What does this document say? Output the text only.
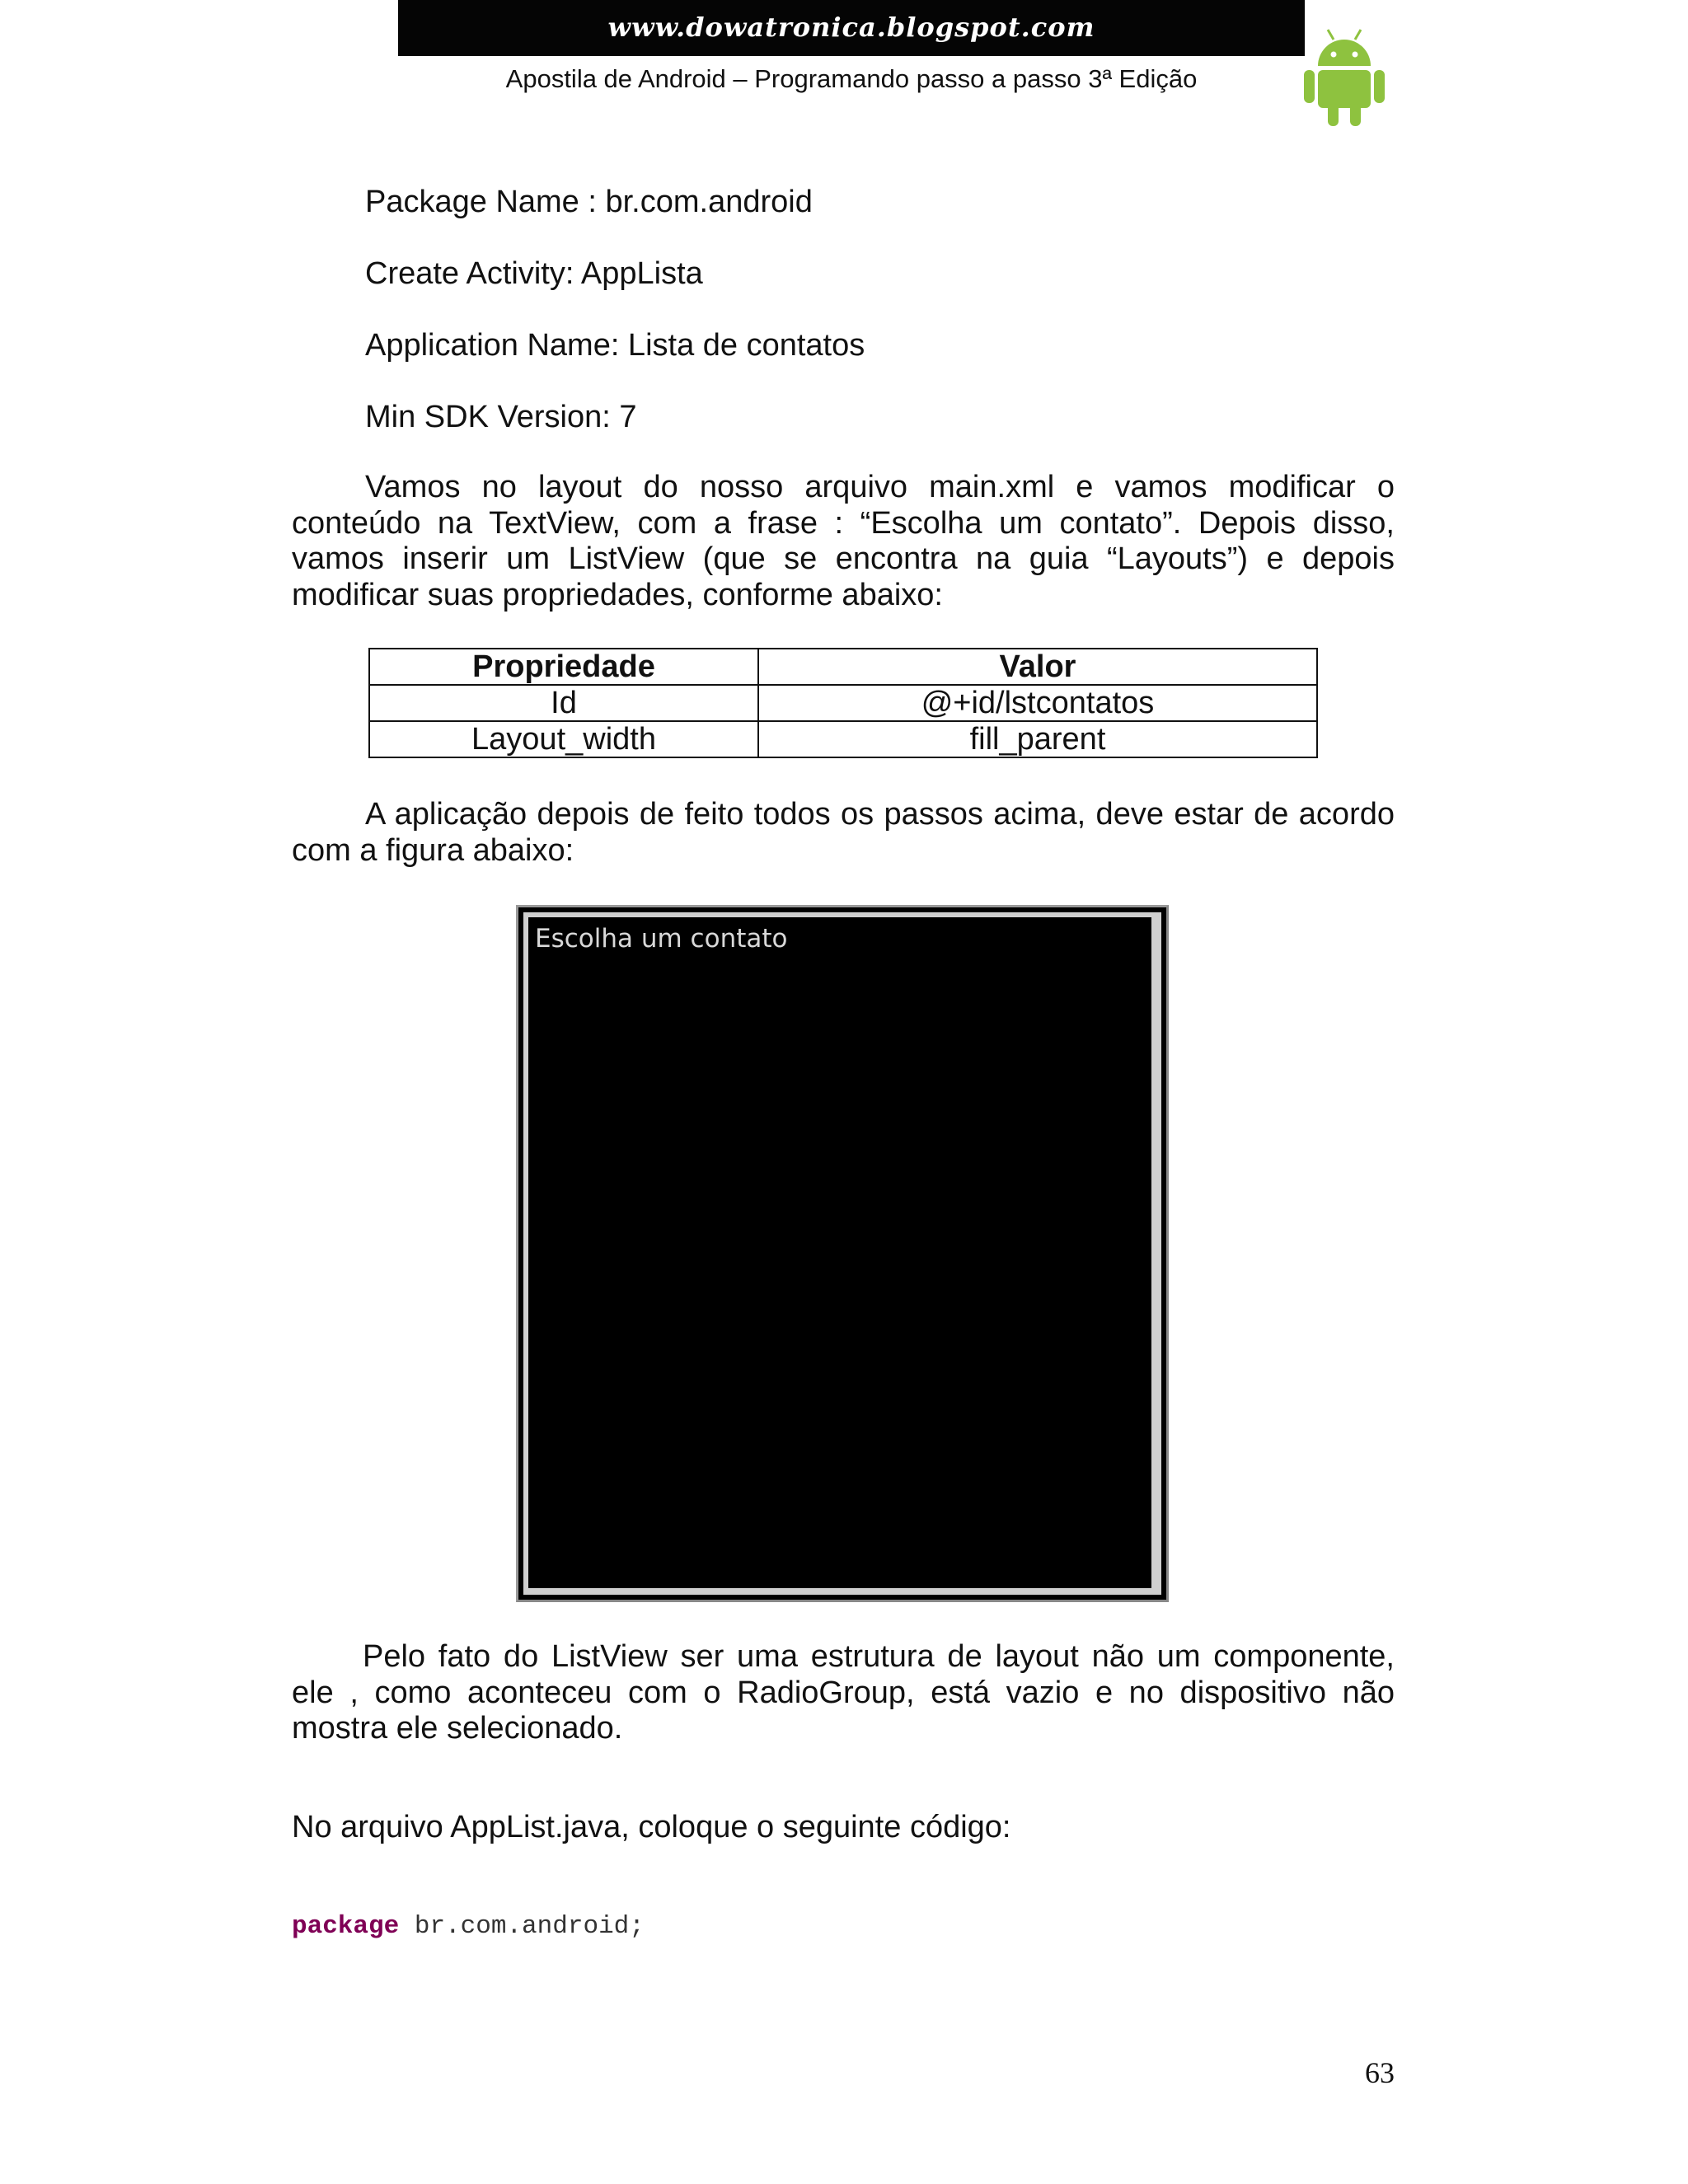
www.dowatronica.blogspot.com
Apostila de Android – Programando passo a passo 3ª Edição
Package Name : br.com.android
Create Activity: AppLista
Application Name: Lista de contatos
Min SDK Version: 7

Vamos no layout do nosso arquivo main.xml e vamos modificar o conteúdo na TextView, com a frase : “Escolha um contato”. Depois disso, vamos inserir um ListView (que se encontra na guia “Layouts”) e depois modificar suas propriedades, conforme abaixo:

Propriedade	Valor
Id	@+id/lstcontatos
Layout_width	fill_parent

A aplicação depois de feito todos os passos acima, deve estar de acordo com a figura abaixo:

Escolha um contato

Pelo fato do ListView ser uma estrutura de layout não um componente, ele , como aconteceu com o RadioGroup, está vazio e no dispositivo não mostra ele selecionado.

No arquivo AppList.java, coloque o seguinte código:

package br.com.android;
63
